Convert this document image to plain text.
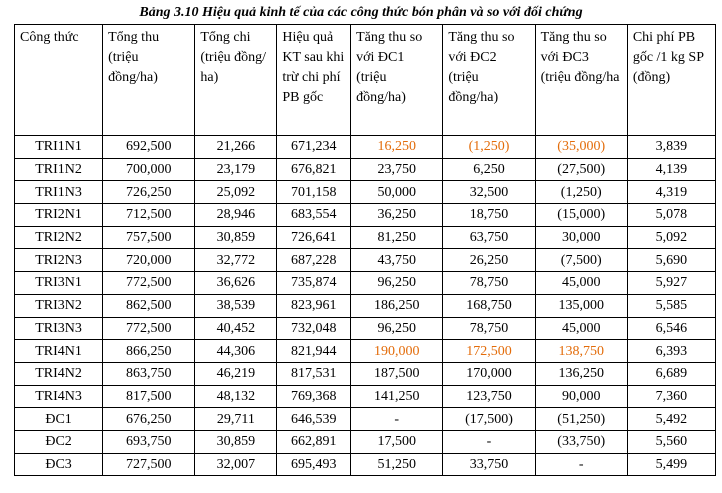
Bảng 3.10 Hiệu quả kinh tế của các công thức bón phân và so với đối chứng
Công thức	Tổng thu (triệu đồng/ha)	Tổng chi (triệu đồng/ ha)	Hiệu quả KT sau khi trừ chi phí PB gốc	Tăng thu so với ĐC1 (triệu đồng/ha)	Tăng thu so với ĐC2 (triệu đồng/ha)	Tăng thu so với ĐC3 (triệu đồng/ha	Chi phí PB gốc /1 kg SP (đồng)
TRI1N1	692,500	21,266	671,234	16,250	(1,250)	(35,000)	3,839
TRI1N2	700,000	23,179	676,821	23,750	6,250	(27,500)	4,139
TRI1N3	726,250	25,092	701,158	50,000	32,500	(1,250)	4,319
TRI2N1	712,500	28,946	683,554	36,250	18,750	(15,000)	5,078
TRI2N2	757,500	30,859	726,641	81,250	63,750	30,000	5,092
TRI2N3	720,000	32,772	687,228	43,750	26,250	(7,500)	5,690
TRI3N1	772,500	36,626	735,874	96,250	78,750	45,000	5,927
TRI3N2	862,500	38,539	823,961	186,250	168,750	135,000	5,585
TRI3N3	772,500	40,452	732,048	96,250	78,750	45,000	6,546
TRI4N1	866,250	44,306	821,944	190,000	172,500	138,750	6,393
TRI4N2	863,750	46,219	817,531	187,500	170,000	136,250	6,689
TRI4N3	817,500	48,132	769,368	141,250	123,750	90,000	7,360
ĐC1	676,250	29,711	646,539	-	(17,500)	(51,250)	5,492
ĐC2	693,750	30,859	662,891	17,500	-	(33,750)	5,560
ĐC3	727,500	32,007	695,493	51,250	33,750	-	5,499
